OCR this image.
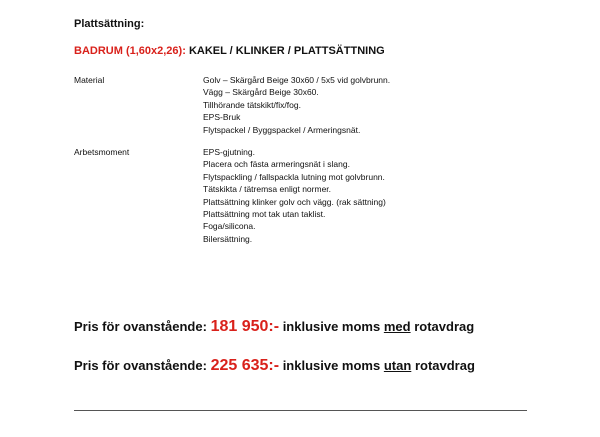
Plattsättning:
BADRUM (1,60x2,26): KAKEL / KLINKER / PLATTSÄTTNING
Material	Golv – Skärgård Beige 30x60 / 5x5 vid golvbrunn.
Vägg – Skärgård Beige 30x60.
Tillhörande tätskikt/fix/fog.
EPS-Bruk
Flytspackel / Byggspackel / Armeringsnät.
Arbetsmoment	EPS-gjutning.
Placera och fästa armeringsnät i slang.
Flytspackling / fallspackla lutning mot golvbrunn.
Tätskikta / tätremsa enligt normer.
Plattsättning klinker golv och vägg. (rak sättning)
Plattsättning mot tak utan taklist.
Foga/silicona.
Bilersättning.
Pris för ovanstående: 181 950:- inklusive moms med rotavdrag
Pris för ovanstående: 225 635:- inklusive moms utan rotavdrag
